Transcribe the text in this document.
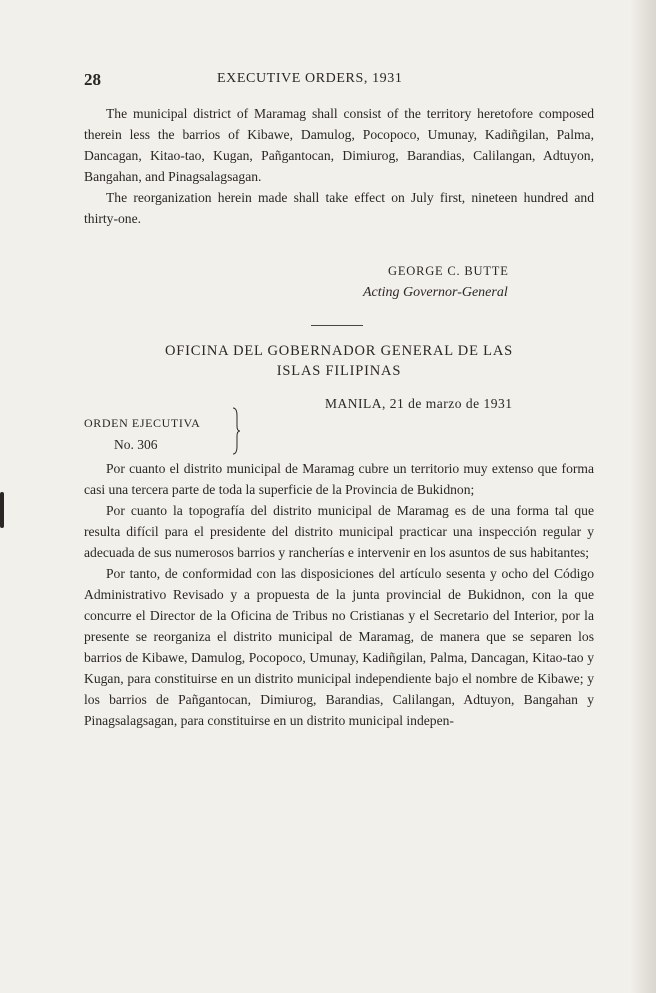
28	EXECUTIVE ORDERS, 1931

The municipal district of Maramag shall consist of the territory heretofore composed therein less the barrios of Kibawe, Damulog, Pocopoco, Umunay, Kadiñgilan, Palma, Dancagan, Kitao-tao, Kugan, Pañgantocan, Dimiurog, Barandias, Calilangan, Adtuyon, Bangahan, and Pinagsalagsagan.

The reorganization herein made shall take effect on July first, nineteen hundred and thirty-one.

GEORGE C. BUTTE
Acting Governor-General
OFICINA DEL GOBERNADOR GENERAL DE LAS
ISLAS FILIPINAS
MANILA, 21 de marzo de 1931
ORDEN EJECUTIVA
No. 306

Por cuanto el distrito municipal de Maramag cubre un territorio muy extenso que forma casi una tercera parte de toda la superficie de la Provincia de Bukidnon;

Por cuanto la topografía del distrito municipal de Maramag es de una forma tal que resulta difícil para el presidente del distrito municipal practicar una inspección regular y adecuada de sus numerosos barrios y rancherías e intervenir en los asuntos de sus habitantes;

Por tanto, de conformidad con las disposiciones del artículo sesenta y ocho del Código Administrativo Revisado y a propuesta de la junta provincial de Bukidnon, con la que concurre el Director de la Oficina de Tribus no Cristianas y el Secretario del Interior, por la presente se reorganiza el distrito municipal de Maramag, de manera que se separen los barrios de Kibawe, Damulog, Pocopoco, Umunay, Kadiñgilan, Palma, Dancagan, Kitao-tao y Kugan, para constituirse en un distrito municipal independiente bajo el nombre de Kibawe; y los barrios de Pañgantocan, Dimiurog, Barandias, Calilangan, Adtuyon, Bangahan y Pinagsalagsagan, para constituirse en un distrito municipal indepen-
